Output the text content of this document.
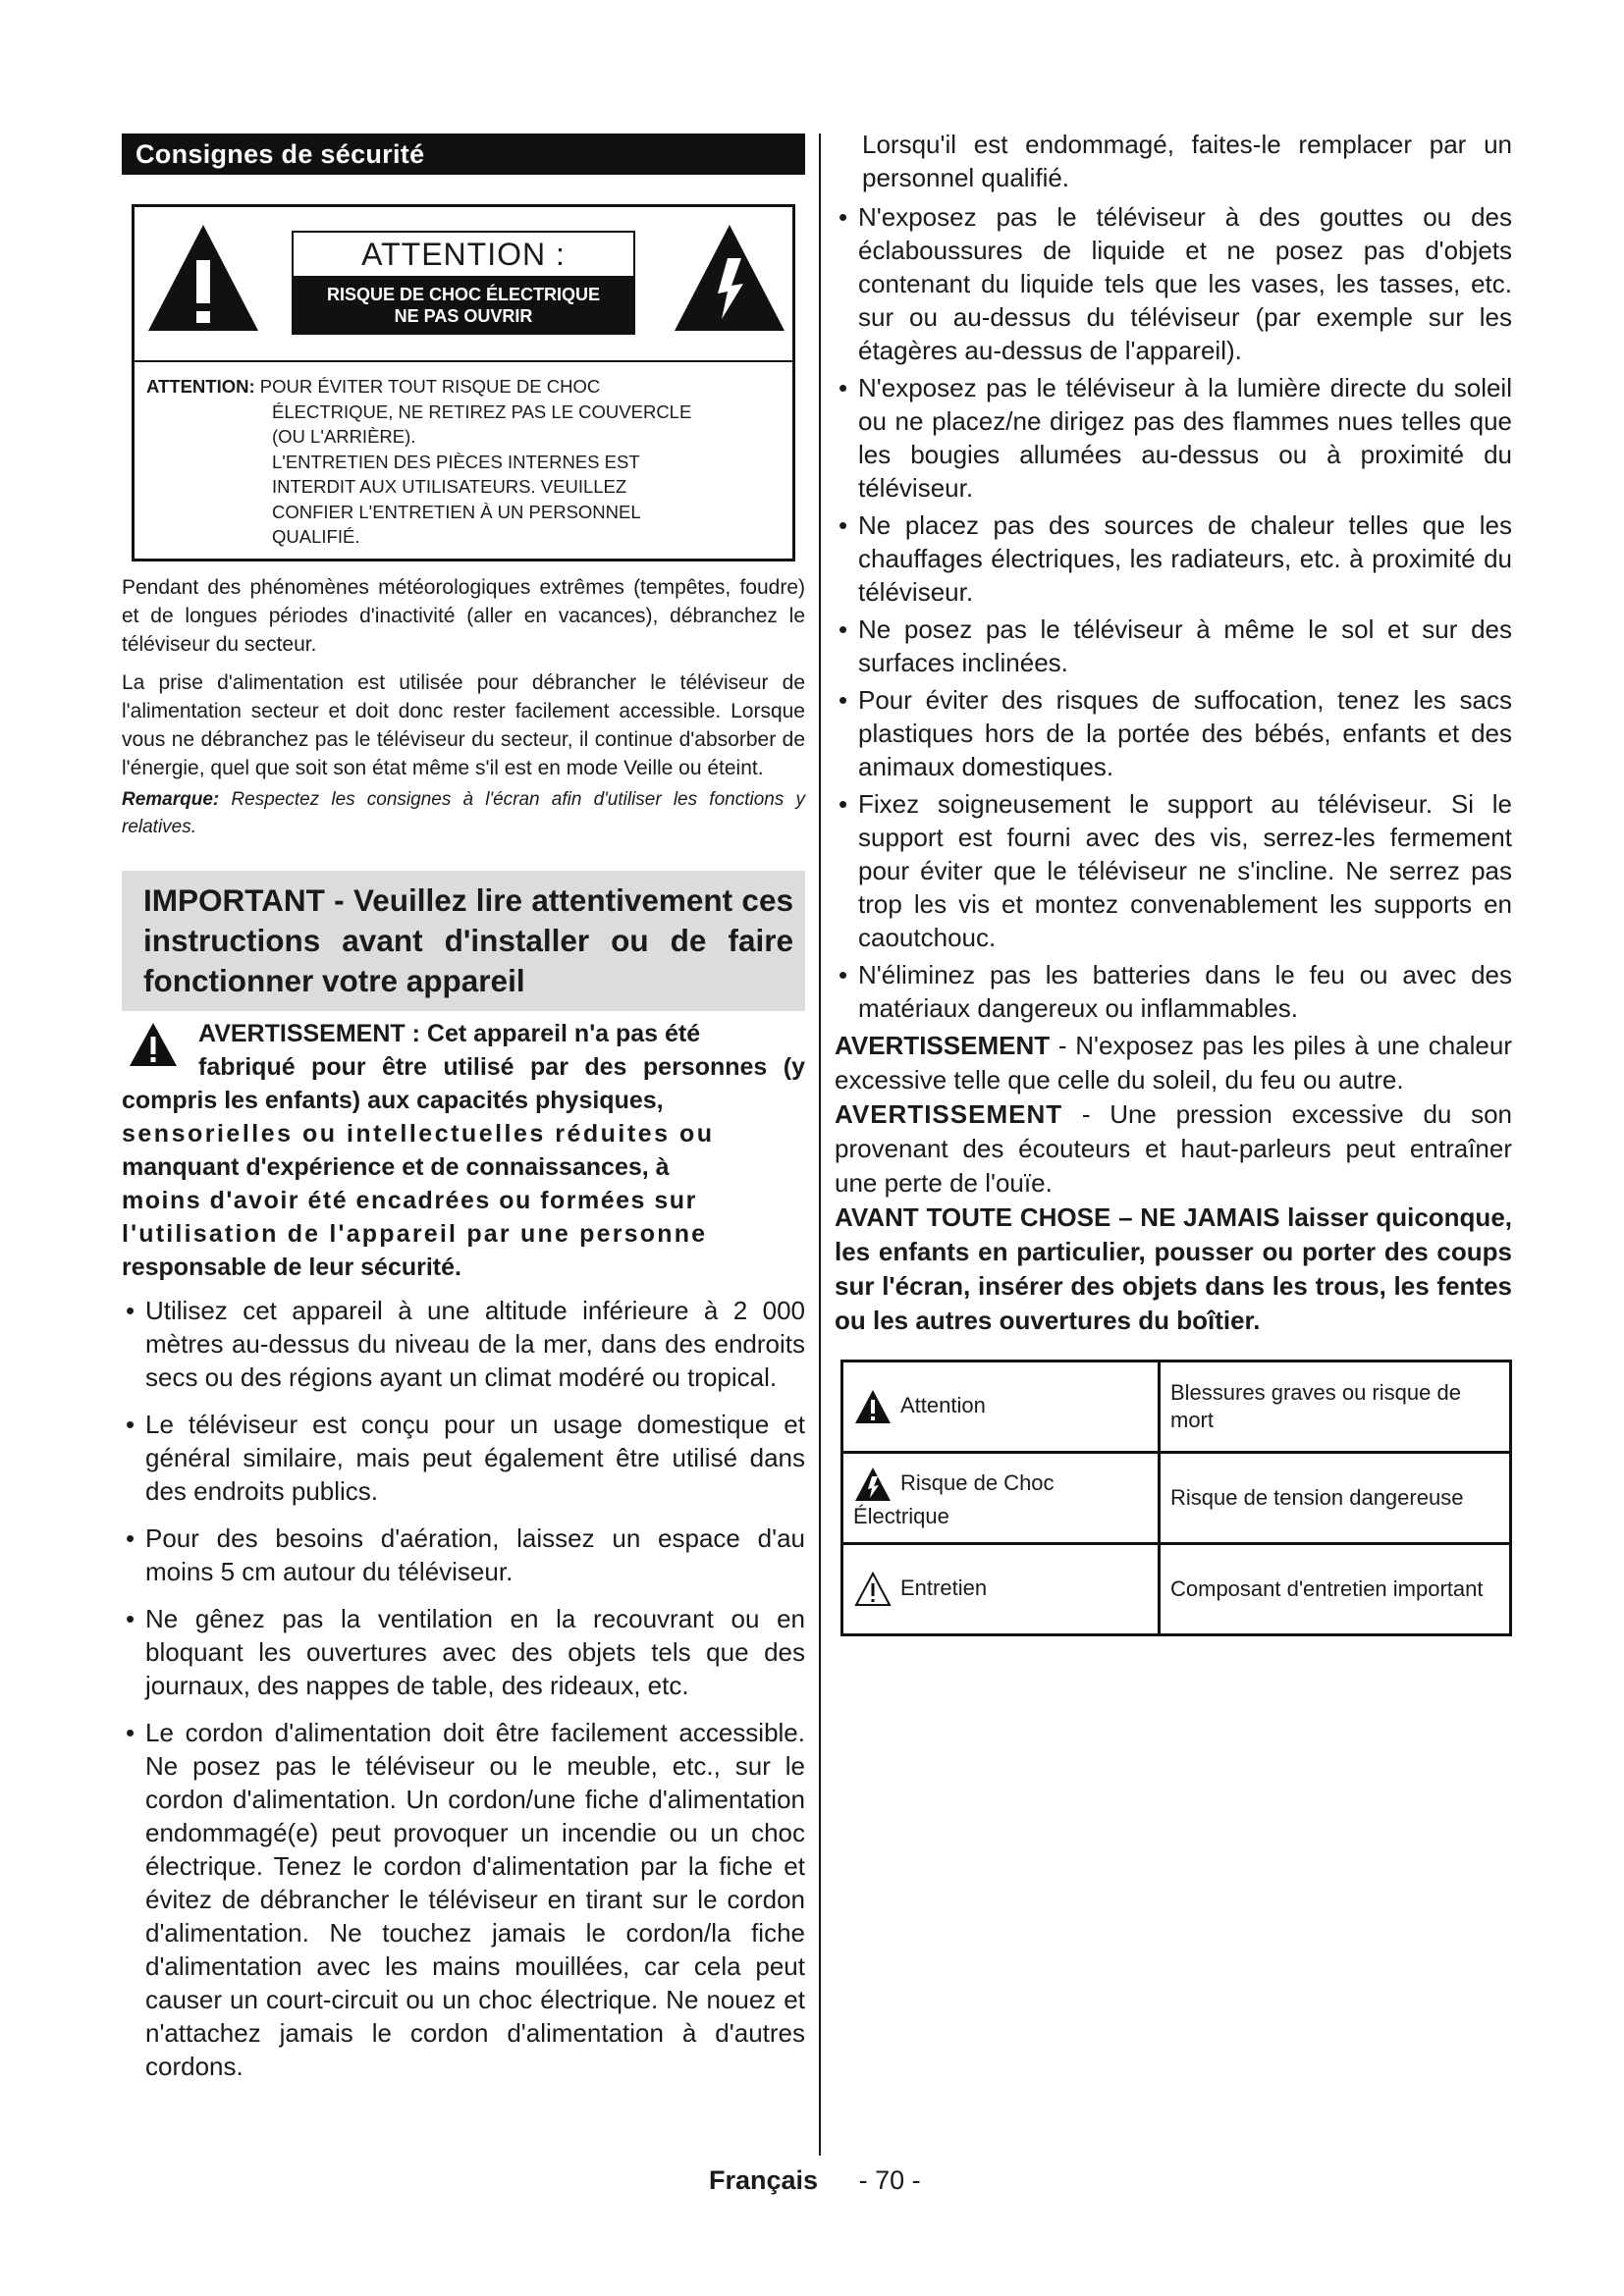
Consignes de sécurité
ATTENTION :
RISQUE DE CHOC ÉLECTRIQUE
NE PAS OUVRIR
ATTENTION: POUR ÉVITER TOUT RISQUE DE CHOC
ÉLECTRIQUE, NE RETIREZ PAS LE COUVERCLE
(OU L'ARRIÈRE).
L'ENTRETIEN DES PIÈCES INTERNES EST
INTERDIT AUX UTILISATEURS. VEUILLEZ
CONFIER L'ENTRETIEN À UN PERSONNEL
QUALIFIÉ.

Pendant des phénomènes météorologiques extrêmes (tempêtes, foudre) et de longues périodes d'inactivité (aller en vacances), débranchez le téléviseur du secteur.

La prise d'alimentation est utilisée pour débrancher le téléviseur de l'alimentation secteur et doit donc rester facilement accessible. Lorsque vous ne débranchez pas le téléviseur du secteur, il continue d'absorber de l'énergie, quel que soit son état même s'il est en mode Veille ou éteint.

Remarque: Respectez les consignes à l'écran afin d'utiliser les fonctions y relatives.

IMPORTANT - Veuillez lire attentivement ces instructions avant d'installer ou de faire fonctionner votre appareil
AVERTISSEMENT : Cet appareil n'a pas été
fabriqué pour être utilisé par des personnes (y compris les enfants) aux capacités physiques,
sensorielles ou intellectuelles réduites ou
manquant d'expérience et de connaissances, à
moins d'avoir été encadrées ou formées sur
l'utilisation de l'appareil par une personne
responsable de leur sécurité.
• Utilisez cet appareil à une altitude inférieure à 2 000 mètres au-dessus du niveau de la mer, dans des endroits secs ou des régions ayant un climat modéré ou tropical.
• Le téléviseur est conçu pour un usage domestique et général similaire, mais peut également être utilisé dans des endroits publics.
• Pour des besoins d'aération, laissez un espace d'au moins 5 cm autour du téléviseur.
• Ne gênez pas la ventilation en la recouvrant ou en bloquant les ouvertures avec des objets tels que des journaux, des nappes de table, des rideaux, etc.
• Le cordon d'alimentation doit être facilement accessible. Ne posez pas le téléviseur ou le meuble, etc., sur le cordon d'alimentation. Un cordon/une fiche d'alimentation endommagé(e) peut provoquer un incendie ou un choc électrique. Tenez le cordon d'alimentation par la fiche et évitez de débrancher le téléviseur en tirant sur le cordon d'alimentation. Ne touchez jamais le cordon/la fiche d'alimentation avec les mains mouillées, car cela peut causer un court-circuit ou un choc électrique. Ne nouez et n'attachez jamais le cordon d'alimentation à d'autres cordons.

Lorsqu'il est endommagé, faites-le remplacer par un personnel qualifié.

• N'exposez pas le téléviseur à des gouttes ou des éclaboussures de liquide et ne posez pas d'objets contenant du liquide tels que les vases, les tasses, etc. sur ou au-dessus du téléviseur (par exemple sur les étagères au-dessus de l'appareil).
• N'exposez pas le téléviseur à la lumière directe du soleil ou ne placez/ne dirigez pas des flammes nues telles que les bougies allumées au-dessus ou à proximité du téléviseur.
• Ne placez pas des sources de chaleur telles que les chauffages électriques, les radiateurs, etc. à proximité du téléviseur.
• Ne posez pas le téléviseur à même le sol et sur des surfaces inclinées.
• Pour éviter des risques de suffocation, tenez les sacs plastiques hors de la portée des bébés, enfants et des animaux domestiques.
• Fixez soigneusement le support au téléviseur. Si le support est fourni avec des vis, serrez-les fermement pour éviter que le téléviseur ne s'incline. Ne serrez pas trop les vis et montez convenablement les supports en caoutchouc.
• N'éliminez pas les batteries dans le feu ou avec des matériaux dangereux ou inflammables.

AVERTISSEMENT - N'exposez pas les piles à une chaleur excessive telle que celle du soleil, du feu ou autre.

AVERTISSEMENT - Une pression excessive du son provenant des écouteurs et haut-parleurs peut entraîner une perte de l'ouïe.

AVANT TOUTE CHOSE – NE JAMAIS laisser quiconque, les enfants en particulier, pousser ou porter des coups sur l'écran, insérer des objets dans les trous, les fentes ou les autres ouvertures du boîtier.

Attention	Blessures graves ou risque de mort
Risque de Choc
Électrique	Risque de tension dangereuse
Entretien	Composant d'entretien important
Français - 70 -
